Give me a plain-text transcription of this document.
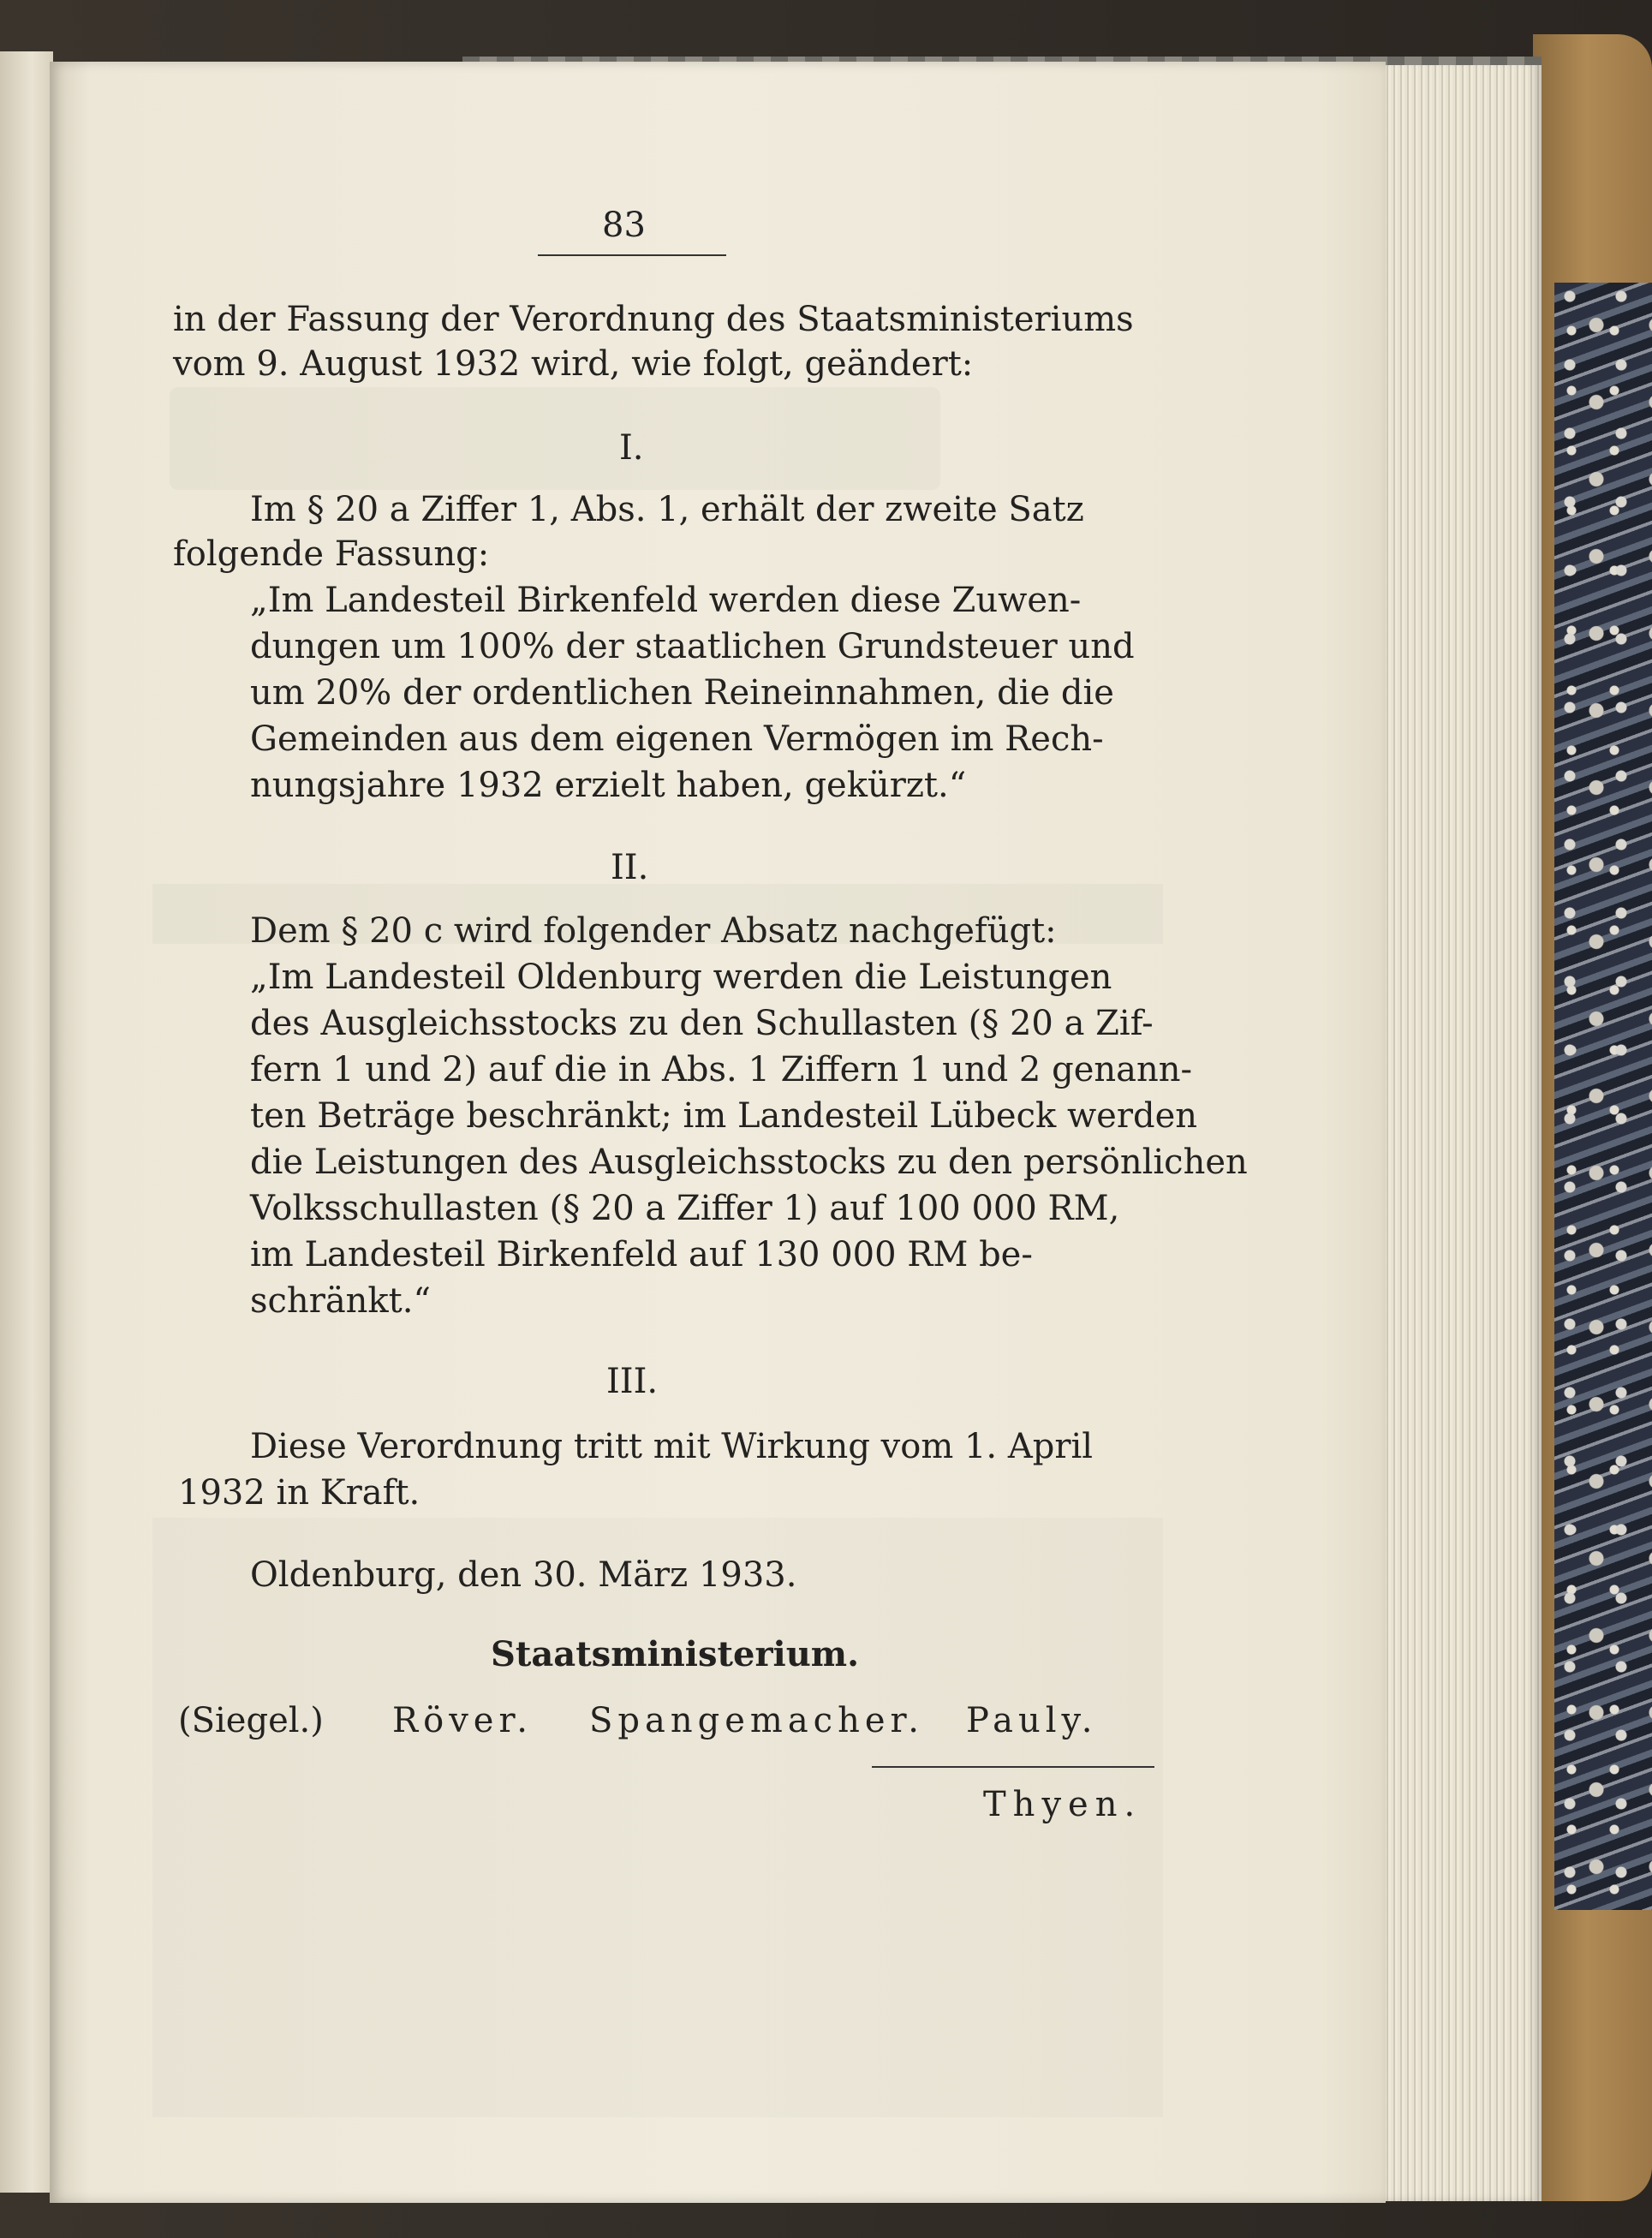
83
in der Fassung der Verordnung des Staatsministeriums
vom 9. August 1932 wird, wie folgt, geändert:
I.
Im § 20 a Ziffer 1, Abs. 1, erhält der zweite Satz
folgende Fassung:
„Im Landesteil Birkenfeld werden diese Zuwen-
dungen um 100% der staatlichen Grundsteuer und
um 20% der ordentlichen Reineinnahmen, die die
Gemeinden aus dem eigenen Vermögen im Rech-
nungsjahre 1932 erzielt haben, gekürzt.“
II.
Dem § 20 c wird folgender Absatz nachgefügt:
„Im Landesteil Oldenburg werden die Leistungen
des Ausgleichsstocks zu den Schullasten (§ 20 a Zif-
fern 1 und 2) auf die in Abs. 1 Ziffern 1 und 2 genann-
ten Beträge beschränkt; im Landesteil Lübeck werden
die Leistungen des Ausgleichsstocks zu den persönlichen
Volksschullasten (§ 20 a Ziffer 1) auf 100 000 RM,
im Landesteil Birkenfeld auf 130 000 RM be-
schränkt.“
III.
Diese Verordnung tritt mit Wirkung vom 1. April
1932 in Kraft.
Oldenburg, den 30. März 1933.
Staatsministerium.
(Siegel.) Röver. Spangemacher. Pauly.
Thyen.
